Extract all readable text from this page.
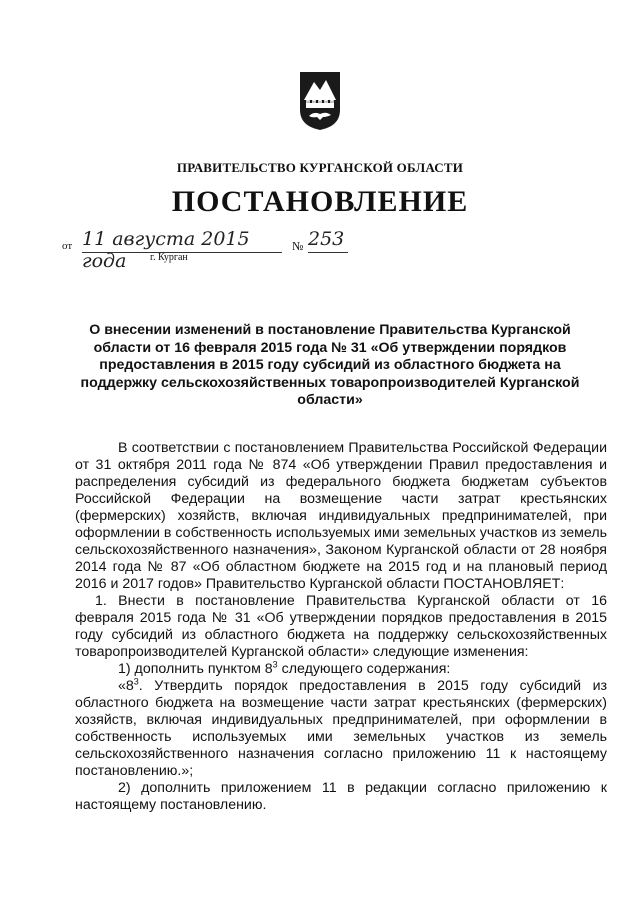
ПРАВИТЕЛЬСТВО КУРГАНСКОЙ ОБЛАСТИ
ПОСТАНОВЛЕНИЕ
от 11 августа 2015 года
№ 253
г. Курган
О внесении изменений в постановление Правительства Курганской области от 16 февраля 2015 года № 31 «Об утверждении порядков предоставления в 2015 году субсидий из областного бюджета на поддержку сельскохозяйственных товаропроизводителей Курганской области»

В соответствии с постановлением Правительства Российской Федерации от 31 октября 2011 года № 874 «Об утверждении Правил предоставления и распределения субсидий из федерального бюджета бюджетам субъектов Российской Федерации на возмещение части затрат крестьянских (фермерских) хозяйств, включая индивидуальных предпринимателей, при оформлении в собственность используемых ими земельных участков из земель сельскохозяйственного назначения», Законом Курганской области от 28 ноября 2014 года № 87 «Об областном бюджете на 2015 год и на плановый период 2016 и 2017 годов» Правительство Курганской области ПОСТАНОВЛЯЕТ:

1. Внести в постановление Правительства Курганской области от 16 февраля 2015 года № 31 «Об утверждении порядков предоставления в 2015 году субсидий из областного бюджета на поддержку сельскохозяйственных товаропроизводителей Курганской области» следующие изменения:

1) дополнить пунктом $8^3$ следующего содержания:

«$8^3$. Утвердить порядок предоставления в 2015 году субсидий из областного бюджета на возмещение части затрат крестьянских (фермерских) хозяйств, включая индивидуальных предпринимателей, при оформлении в собственность используемых ими земельных участков из земель сельскохозяйственного назначения согласно приложению 11 к настоящему постановлению.»;

2) дополнить приложением 11 в редакции согласно приложению к настоящему постановлению.
